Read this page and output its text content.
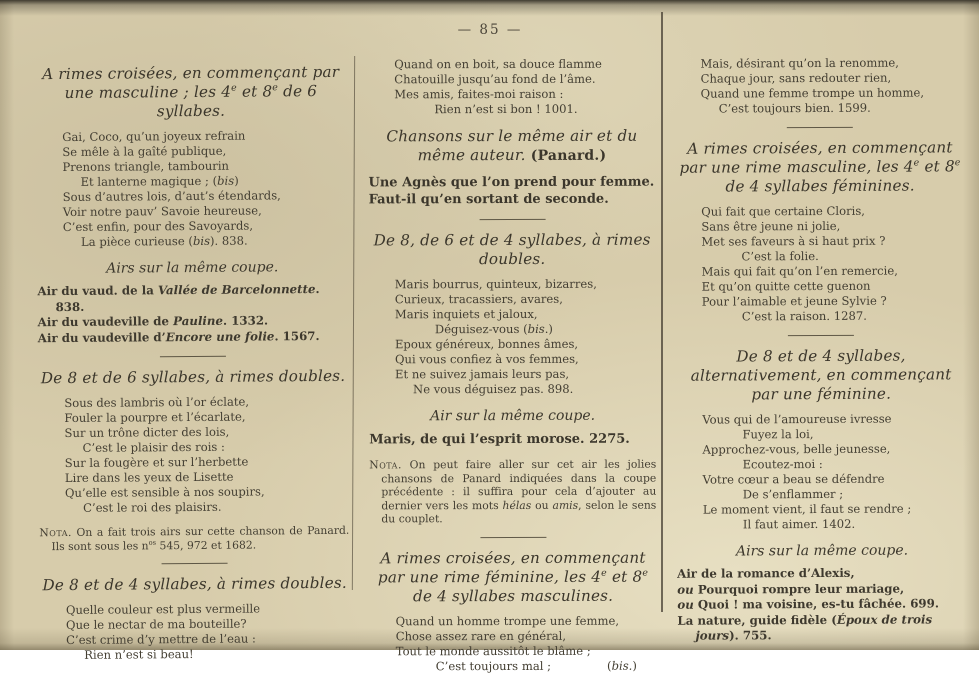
— 85 —
A rimes croisées, en commençant par une masculine ; les 4e et 8e de 6 syllabes.
Gai, Coco, qu’un joyeux refrain
Se mêle à la gaîté publique,
Prenons triangle, tambourin
Et lanterne magique ; (bis)
Sous d’autres lois, d’aut’s étendards,
Voir notre pauv’ Savoie heureuse,
C’est enfin, pour des Savoyards,
La pièce curieuse (bis). 838.
Airs sur la même coupe.
Air du vaud. de la Vallée de Barcelonnette. 838.
Air du vaudeville de Pauline. 1332.
Air du vaudeville d’Encore une folie. 1567.
De 8 et de 6 syllabes, à rimes doubles.
Sous des lambris où l’or éclate,
Fouler la pourpre et l’écarlate,
Sur un trône dicter des lois,
C’est le plaisir des rois :
Sur la fougère et sur l’herbette
Lire dans les yeux de Lisette
Qu’elle est sensible à nos soupirs,
C’est le roi des plaisirs.
Nota. On a fait trois airs sur cette chanson de Panard. Ils sont sous les $n^{os}$ 545, 972 et 1682.
De 8 et de 4 syllabes, à rimes doubles.
Quelle couleur est plus vermeille
Que le nectar de ma bouteille?
C’est crime d’y mettre de l’eau :
Rien n’est si beau!
Quand on en boit, sa douce flamme
Chatouille jusqu’au fond de l’âme.
Mes amis, faites-moi raison :
Rien n’est si bon ! 1001.
Chansons sur le même air et du même auteur. (Panard.)
Une Agnès que l’on prend pour femme.
Faut-il qu’en sortant de seconde.
De 8, de 6 et de 4 syllabes, à rimes doubles.
Maris bourrus, quinteux, bizarres,
Curieux, tracassiers, avares,
Maris inquiets et jaloux,
Déguisez-vous (bis.)
Epoux généreux, bonnes âmes,
Qui vous confiez à vos femmes,
Et ne suivez jamais leurs pas,
Ne vous déguisez pas. 898.
Air sur la même coupe.
Maris, de qui l’esprit morose. 2275.
Nota. On peut faire aller sur cet air les jolies chansons de Panard indiquées dans la coupe précédente : il suffira pour cela d’ajouter au dernier vers les mots hélas ou amis, selon le sens du couplet.
A rimes croisées, en commençant par une rime féminine, les 4e et 8e de 4 syllabes masculines.
Quand un homme trompe une femme,
Chose assez rare en général,
Tout le monde aussitôt le blâme ;
C’est toujours mal ;	(bis.)
Mais, désirant qu’on la renomme,
Chaque jour, sans redouter rien,
Quand une femme trompe un homme,
C’est toujours bien. 1599.
A rimes croisées, en commençant par une rime masculine, les 4e et 8e de 4 syllabes féminines.
Qui fait que certaine Cloris,
Sans être jeune ni jolie,
Met ses faveurs à si haut prix ?
C’est la folie.
Mais qui fait qu’on l’en remercie,
Et qu’on quitte cette guenon
Pour l’aimable et jeune Sylvie ?
C’est la raison. 1287.
De 8 et de 4 syllabes, alternativement, en commençant par une féminine.
Vous qui de l’amoureuse ivresse
Fuyez la loi,
Approchez-vous, belle jeunesse,
Ecoutez-moi :
Votre cœur a beau se défendre
De s’enflammer ;
Le moment vient, il faut se rendre ;
Il faut aimer. 1402.
Airs sur la même coupe.
Air de la romance d’Alexis,
ou Pourquoi rompre leur mariage,
ou Quoi ! ma voisine, es-tu fâchée. 699.
La nature, guide fidèle (Époux de trois jours). 755.
